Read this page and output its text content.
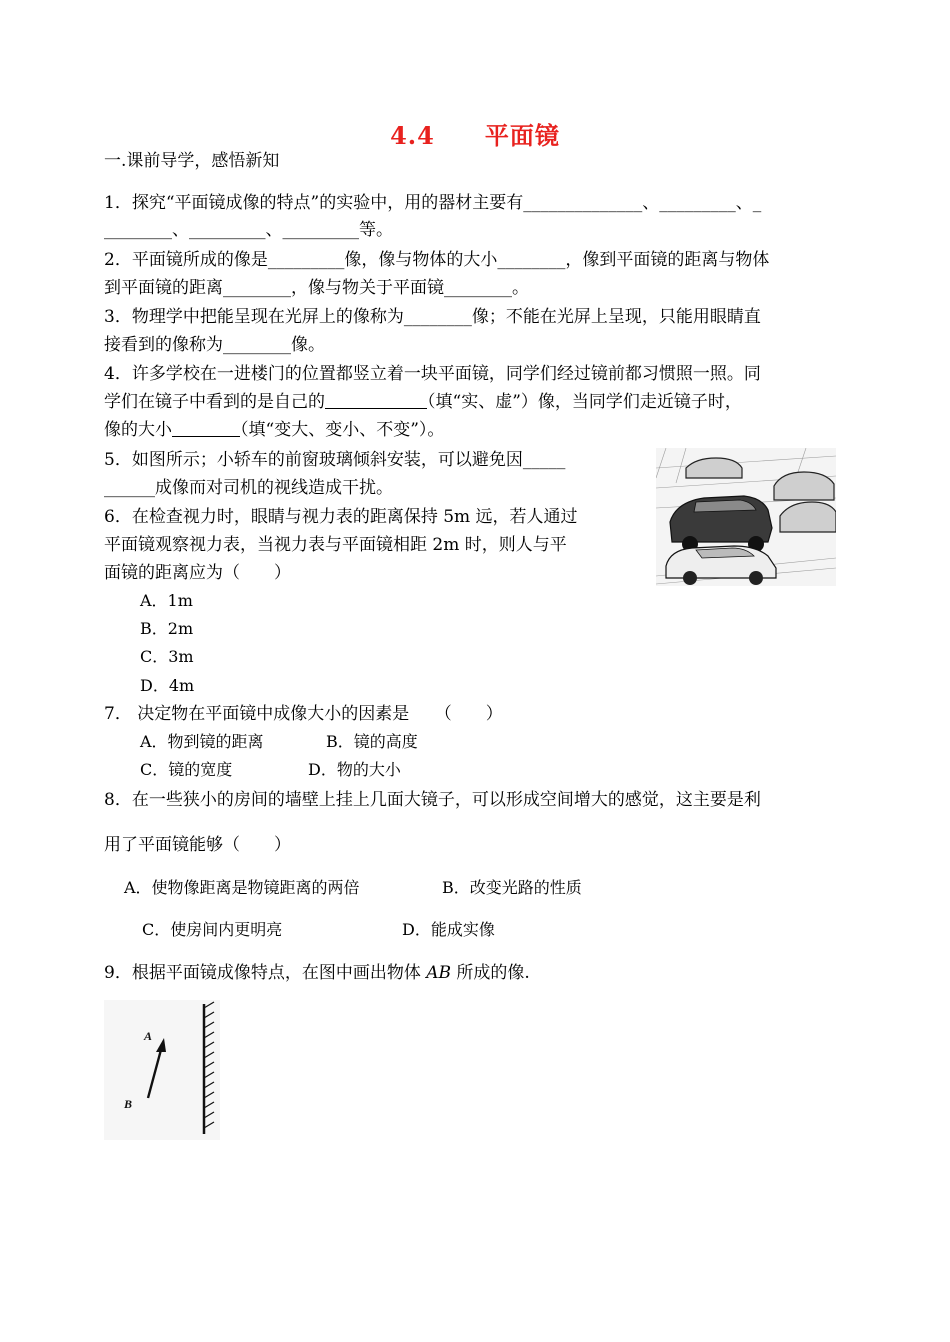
4.4　　平面镜
一.课前导学，感悟新知
1．探究“平面镜成像的特点”的实验中，用的器材主要有______________、_________、_
________、_________、_________等。
2．平面镜所成的像是_________像，像与物体的大小________，像到平面镜的距离与物体
到平面镜的距离________，像与物关于平面镜________。
3．物理学中把能呈现在光屏上的像称为________像；不能在光屏上呈现，只能用眼睛直
接看到的像称为________像。
4．许多学校在一进楼门的位置都竖立着一块平面镜，同学们经过镜前都习惯照一照。同
学们在镜子中看到的是自己的　　　　　　	（填“实、虚”）像，当同学们走近镜子时，
像的大小　　　　	（填“变大、变小、不变”）。
5．如图所示；小轿车的前窗玻璃倾斜安装，可以避免因_____
______成像而对司机的视线造成干扰。
6．在检查视力时，眼睛与视力表的距离保持 5m 远，若人通过
平面镜观察视力表，当视力表与平面镜相距 2m 时，则人与平
面镜的距离应为（　　）
A．1m
B．2m
C．3m
D．4m
7． 决定物在平面镜中成像大小的因素是　　（　　）
A．物到镜的距离	B．镜的高度
C．镜的宽度	D．物的大小
8．在一些狭小的房间的墙壁上挂上几面大镜子，可以形成空间增大的感觉，这主要是利
用了平面镜能够（　　）
A．使物像距离是物镜距离的两倍	B．改变光路的性质
C．使房间内更明亮	D．能成实像
9．根据平面镜成像特点，在图中画出物体 AB 所成的像.
A
B
